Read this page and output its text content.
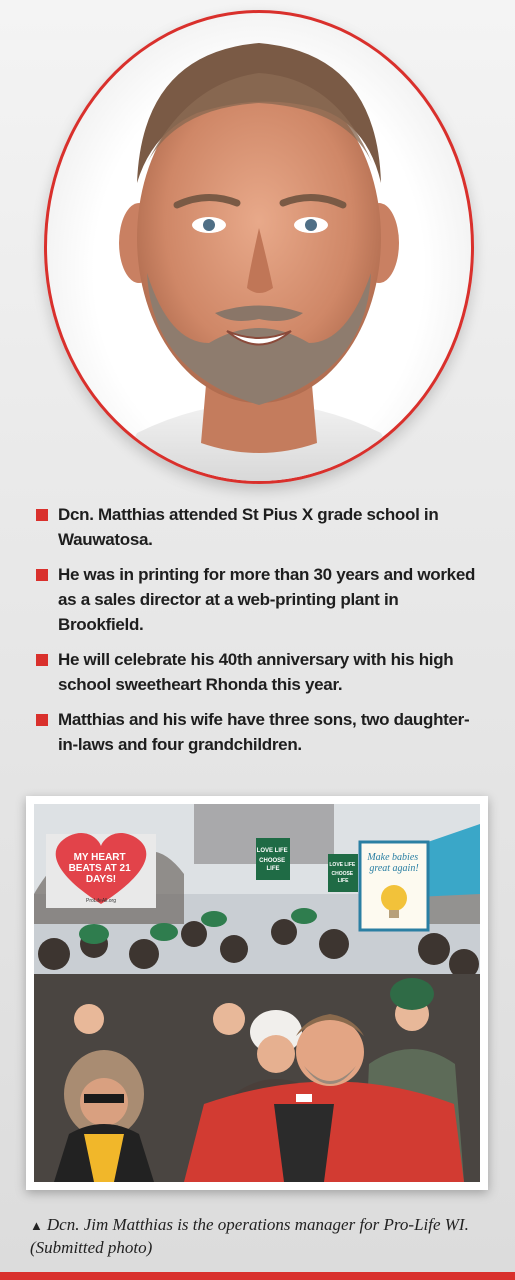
Dcn. Matthias attended St Pius X grade school in Wauwatosa.
He was in printing for more than 30 years and worked as a sales director at a web-printing plant in Brookfield.
He will celebrate his 40th anniversary with his high school sweetheart Rhonda this year.
Matthias and his wife have three sons, two daughter-in-laws and four grandchildren.
MY HEART BEATS AT 21 DAYS!
ProLifeAll.org
LOVE LIFE CHOOSE LIFE
LOVE LIFE CHOOSE LIFE
Make babies great again!
▲ Dcn. Jim Matthias is the operations manager for Pro-Life WI. (Submitted photo)
